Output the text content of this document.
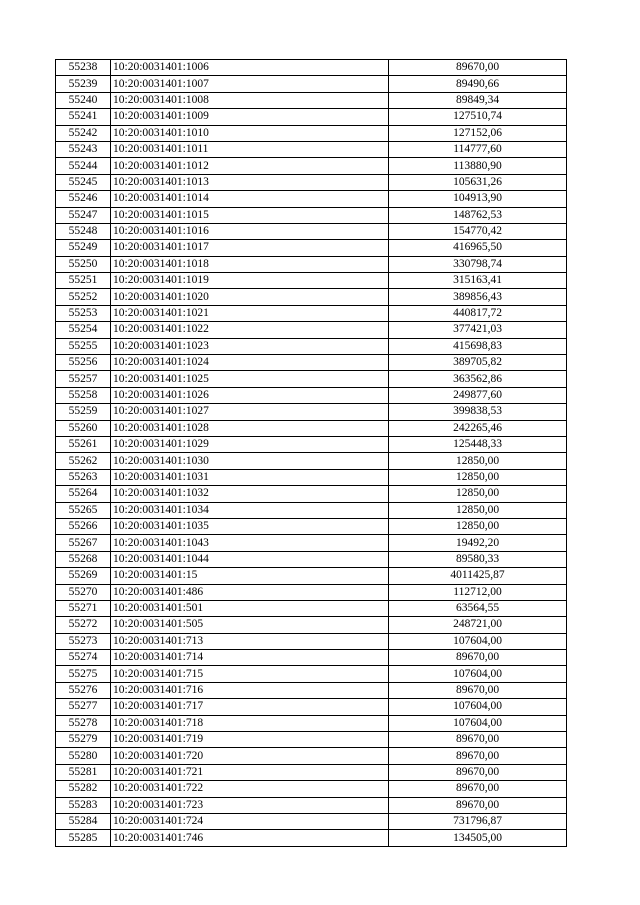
55238	10:20:0031401:1006	89670,00
55239	10:20:0031401:1007	89490,66
55240	10:20:0031401:1008	89849,34
55241	10:20:0031401:1009	127510,74
55242	10:20:0031401:1010	127152,06
55243	10:20:0031401:1011	114777,60
55244	10:20:0031401:1012	113880,90
55245	10:20:0031401:1013	105631,26
55246	10:20:0031401:1014	104913,90
55247	10:20:0031401:1015	148762,53
55248	10:20:0031401:1016	154770,42
55249	10:20:0031401:1017	416965,50
55250	10:20:0031401:1018	330798,74
55251	10:20:0031401:1019	315163,41
55252	10:20:0031401:1020	389856,43
55253	10:20:0031401:1021	440817,72
55254	10:20:0031401:1022	377421,03
55255	10:20:0031401:1023	415698,83
55256	10:20:0031401:1024	389705,82
55257	10:20:0031401:1025	363562,86
55258	10:20:0031401:1026	249877,60
55259	10:20:0031401:1027	399838,53
55260	10:20:0031401:1028	242265,46
55261	10:20:0031401:1029	125448,33
55262	10:20:0031401:1030	12850,00
55263	10:20:0031401:1031	12850,00
55264	10:20:0031401:1032	12850,00
55265	10:20:0031401:1034	12850,00
55266	10:20:0031401:1035	12850,00
55267	10:20:0031401:1043	19492,20
55268	10:20:0031401:1044	89580,33
55269	10:20:0031401:15	4011425,87
55270	10:20:0031401:486	112712,00
55271	10:20:0031401:501	63564,55
55272	10:20:0031401:505	248721,00
55273	10:20:0031401:713	107604,00
55274	10:20:0031401:714	89670,00
55275	10:20:0031401:715	107604,00
55276	10:20:0031401:716	89670,00
55277	10:20:0031401:717	107604,00
55278	10:20:0031401:718	107604,00
55279	10:20:0031401:719	89670,00
55280	10:20:0031401:720	89670,00
55281	10:20:0031401:721	89670,00
55282	10:20:0031401:722	89670,00
55283	10:20:0031401:723	89670,00
55284	10:20:0031401:724	731796,87
55285	10:20:0031401:746	134505,00
